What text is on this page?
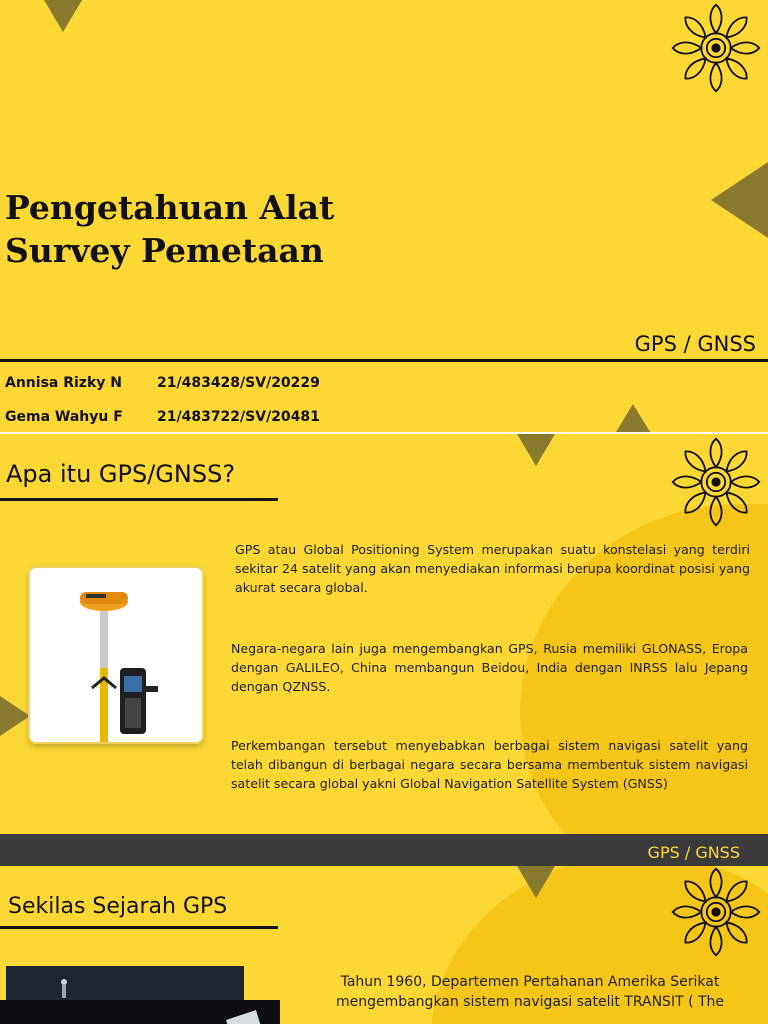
Pengetahuan Alat
Survey Pemetaan
GPS / GNSS
Annisa Rizky N	21/483428/SV/20229
Gema Wahyu F 21/483722/SV/20481
Apa itu GPS/GNSS?
GPS atau Global Positioning System merupakan suatu konstelasi yang terdiri sekitar 24 satelit yang akan menyediakan informasi berupa koordinat posisi yang akurat secara global.
Negara-negara lain juga mengembangkan GPS, Rusia memiliki GLONASS, Eropa dengan GALILEO, China membangun Beidou, India dengan INRSS lalu Jepang dengan QZNSS.
Perkembangan tersebut menyebabkan berbagai sistem navigasi satelit yang telah dibangun di berbagai negara secara bersama membentuk sistem navigasi satelit secara global yakni Global Navigation Satellite System (GNSS)
GPS / GNSS
Sekilas Sejarah GPS
Tahun 1960, Departemen Pertahanan Amerika Serikat mengembangkan sistem navigasi satelit TRANSIT ( The
